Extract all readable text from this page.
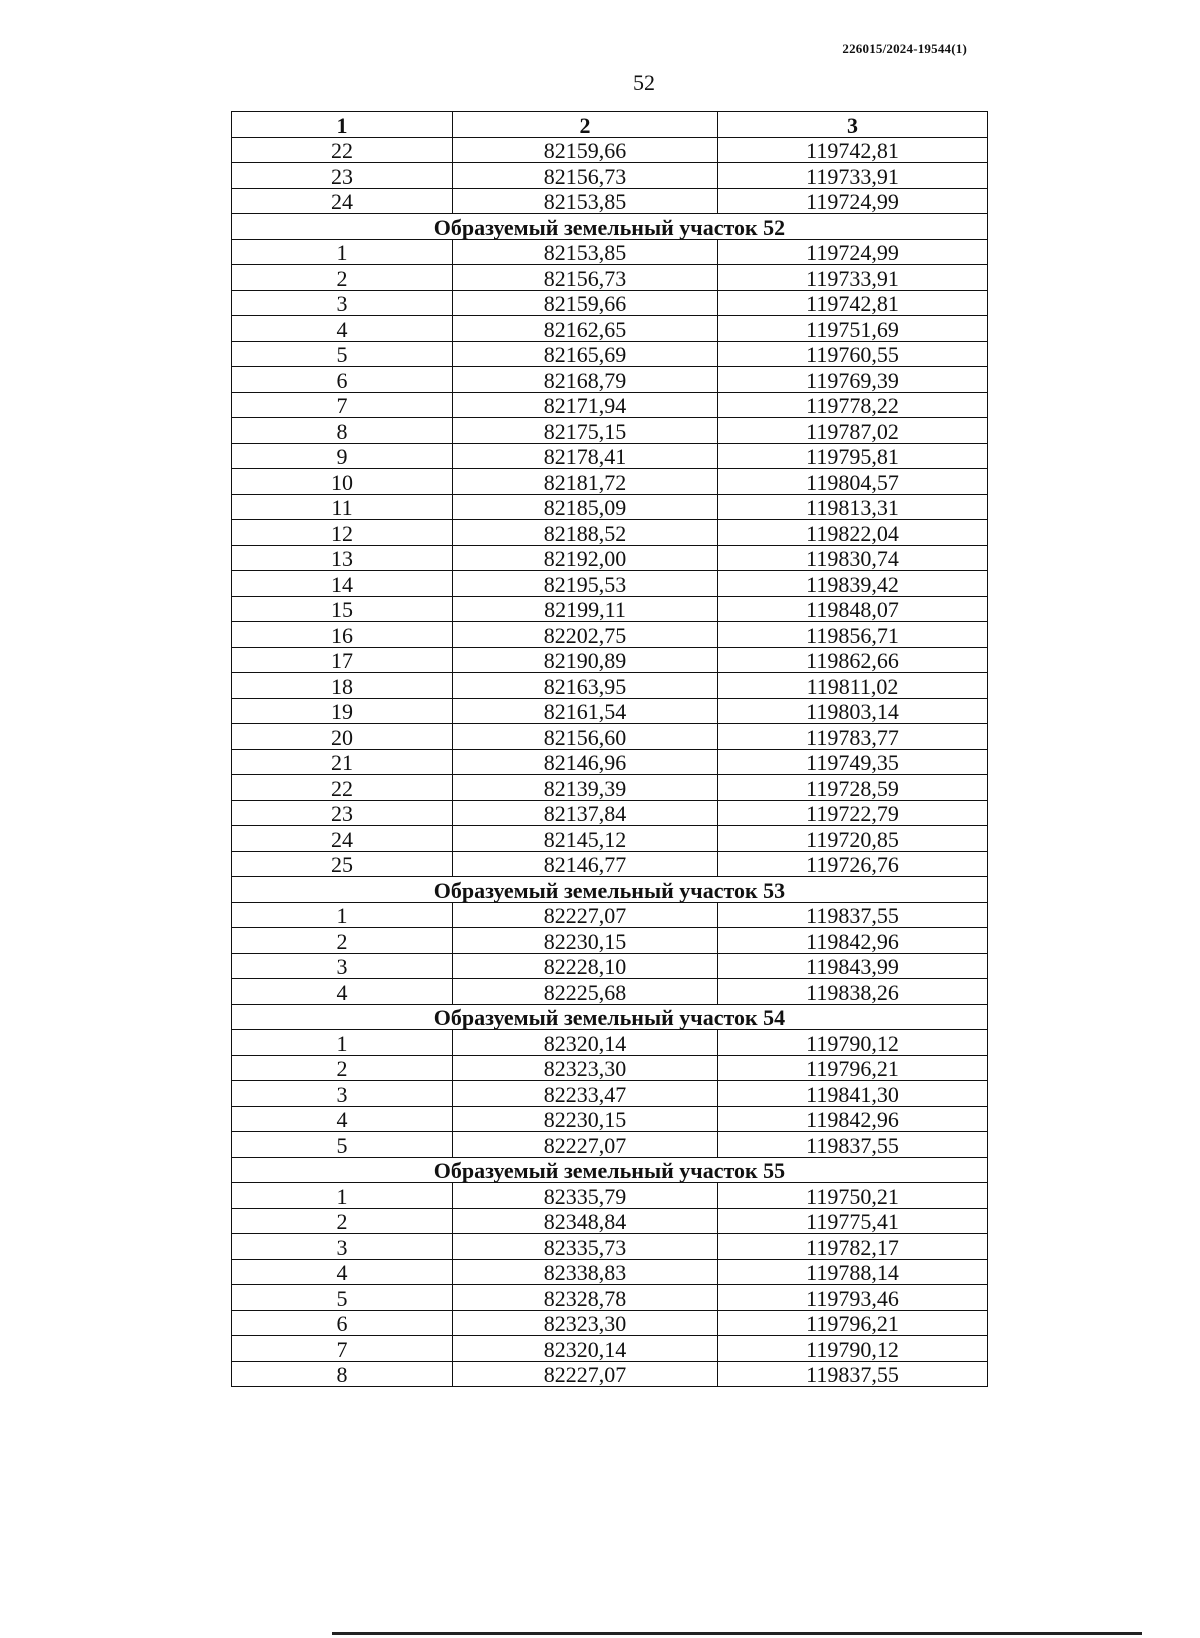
226015/2024-19544(1)
52
1	2	3
22	82159,66	119742,81
23	82156,73	119733,91
24	82153,85	119724,99
Образуемый земельный участок 52		
1	82153,85	119724,99
2	82156,73	119733,91
3	82159,66	119742,81
4	82162,65	119751,69
5	82165,69	119760,55
6	82168,79	119769,39
7	82171,94	119778,22
8	82175,15	119787,02
9	82178,41	119795,81
10	82181,72	119804,57
11	82185,09	119813,31
12	82188,52	119822,04
13	82192,00	119830,74
14	82195,53	119839,42
15	82199,11	119848,07
16	82202,75	119856,71
17	82190,89	119862,66
18	82163,95	119811,02
19	82161,54	119803,14
20	82156,60	119783,77
21	82146,96	119749,35
22	82139,39	119728,59
23	82137,84	119722,79
24	82145,12	119720,85
25	82146,77	119726,76
Образуемый земельный участок 53		
1	82227,07	119837,55
2	82230,15	119842,96
3	82228,10	119843,99
4	82225,68	119838,26
Образуемый земельный участок 54		
1	82320,14	119790,12
2	82323,30	119796,21
3	82233,47	119841,30
4	82230,15	119842,96
5	82227,07	119837,55
Образуемый земельный участок 55		
1	82335,79	119750,21
2	82348,84	119775,41
3	82335,73	119782,17
4	82338,83	119788,14
5	82328,78	119793,46
6	82323,30	119796,21
7	82320,14	119790,12
8	82227,07	119837,55
